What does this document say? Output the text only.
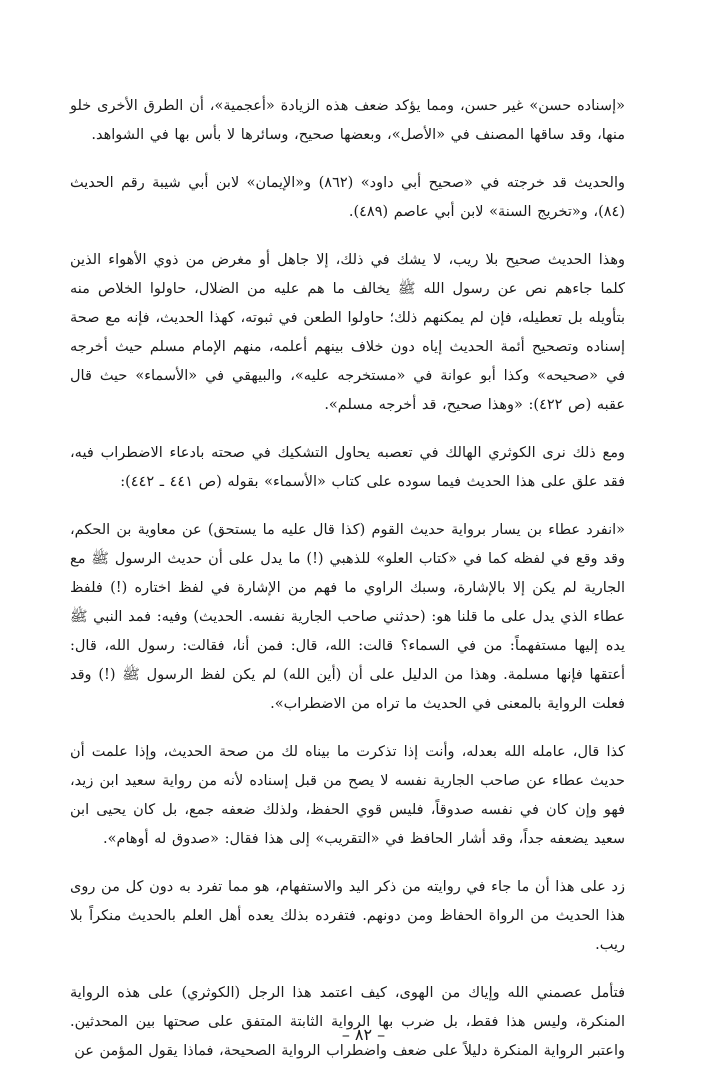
«إسناده حسن» غير حسن، ومما يؤكد ضعف هذه الزيادة «أعجمية»، أن الطرق الأخرى خلو منها، وقد ساقها المصنف في «الأصل»، وبعضها صحيح، وسائرها لا بأس بها في الشواهد.

والحديث قد خرجته في «صحيح أبي داود» (٨٦٢) و«الإيمان» لابن أبي شيبة رقم الحديث (٨٤)، و«تخريج السنة» لابن أبي عاصم (٤٨٩).

وهذا الحديث صحيح بلا ريب، لا يشك في ذلك، إلا جاهل أو مغرض من ذوي الأهواء الذين كلما جاءهم نص عن رسول الله ﷺ يخالف ما هم عليه من الضلال، حاولوا الخلاص منه بتأويله بل تعطيله، فإن لم يمكنهم ذلك؛ حاولوا الطعن في ثبوته، كهذا الحديث، فإنه مع صحة إسناده وتصحيح أئمة الحديث إياه دون خلاف بينهم أعلمه، منهم الإمام مسلم حيث أخرجه في «صحيحه» وكذا أبو عوانة في «مستخرجه عليه»، والبيهقي في «الأسماء» حيث قال عقبه (ص ٤٢٢): «وهذا صحيح، قد أخرجه مسلم».

ومع ذلك نرى الكوثري الهالك في تعصبه يحاول التشكيك في صحته بادعاء الاضطراب فيه، فقد علق على هذا الحديث فيما سوده على كتاب «الأسماء» بقوله (ص ٤٤١ ـ ٤٤٢):

«انفرد عطاء بن يسار برواية حديث القوم (كذا قال عليه ما يستحق) عن معاوية بن الحكم، وقد وقع في لفظه كما في «كتاب العلو» للذهبي (!) ما يدل على أن حديث الرسول ﷺ مع الجارية لم يكن إلا بالإشارة، وسبك الراوي ما فهم من الإشارة في لفظ اختاره (!) فلفظ عطاء الذي يدل على ما قلنا هو: (حدثني صاحب الجارية نفسه. الحديث) وفيه: فمد النبي ﷺ يده إليها مستفهماً: من في السماء؟ قالت: الله، قال: فمن أنا، فقالت: رسول الله، قال: أعتقها فإنها مسلمة. وهذا من الدليل على أن (أين الله) لم يكن لفظ الرسول ﷺ (!) وقد فعلت الرواية بالمعنى في الحديث ما تراه من الاضطراب».

كذا قال، عامله الله بعدله، وأنت إذا تذكرت ما بيناه لك من صحة الحديث، وإذا علمت أن حديث عطاء عن صاحب الجارية نفسه لا يصح من قبل إسناده لأنه من رواية سعيد ابن زيد، فهو وإن كان في نفسه صدوقاً، فليس قوي الحفظ، ولذلك ضعفه جمع، بل كان يحيى ابن سعيد يضعفه جداً، وقد أشار الحافظ في «التقريب» إلى هذا فقال: «صدوق له أوهام».

زد على هذا أن ما جاء في روايته من ذكر اليد والاستفهام، هو مما تفرد به دون كل من روى هذا الحديث من الرواة الحفاظ ومن دونهم. فتفرده بذلك يعده أهل العلم بالحديث منكراً بلا ريب.

فتأمل عصمني الله وإياك من الهوى، كيف اعتمد هذا الرجل (الكوثري) على هذه الرواية المنكرة، وليس هذا فقط، بل ضرب بها الرواية الثابتة المتفق على صحتها بين المحدثين. واعتبر الرواية المنكرة دليلاً على ضعف واضطراب الرواية الصحيحة، فماذا يقول المؤمن عن

– ٨٢ –
